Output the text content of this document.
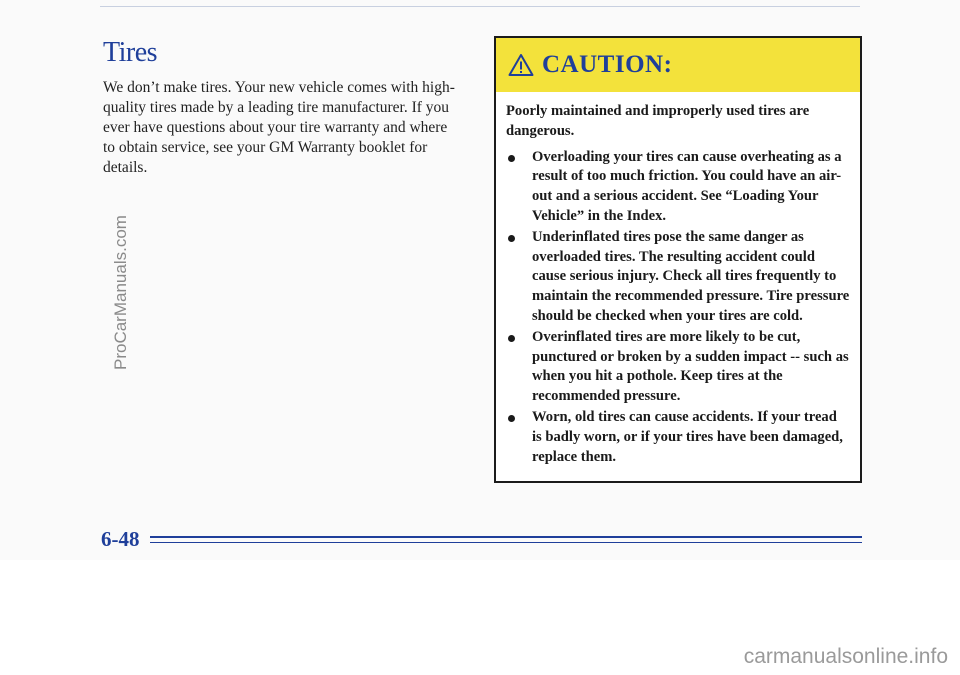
Tires

We don’t make tires. Your new vehicle comes with high-quality tires made by a leading tire manufacturer. If you ever have questions about your tire warranty and where to obtain service, see your GM Warranty booklet for details.

CAUTION:

Poorly maintained and improperly used tires are dangerous.

Overloading your tires can cause overheating as a result of too much friction. You could have an air-out and a serious accident. See “Loading Your Vehicle” in the Index.
Underinflated tires pose the same danger as overloaded tires. The resulting accident could cause serious injury. Check all tires frequently to maintain the recommended pressure. Tire pressure should be checked when your tires are cold.
Overinflated tires are more likely to be cut, punctured or broken by a sudden impact -- such as when you hit a pothole. Keep tires at the recommended pressure.
Worn, old tires can cause accidents. If your tread is badly worn, or if your tires have been damaged, replace them.
ProCarManuals.com
6-48
carmanualsonline.info
